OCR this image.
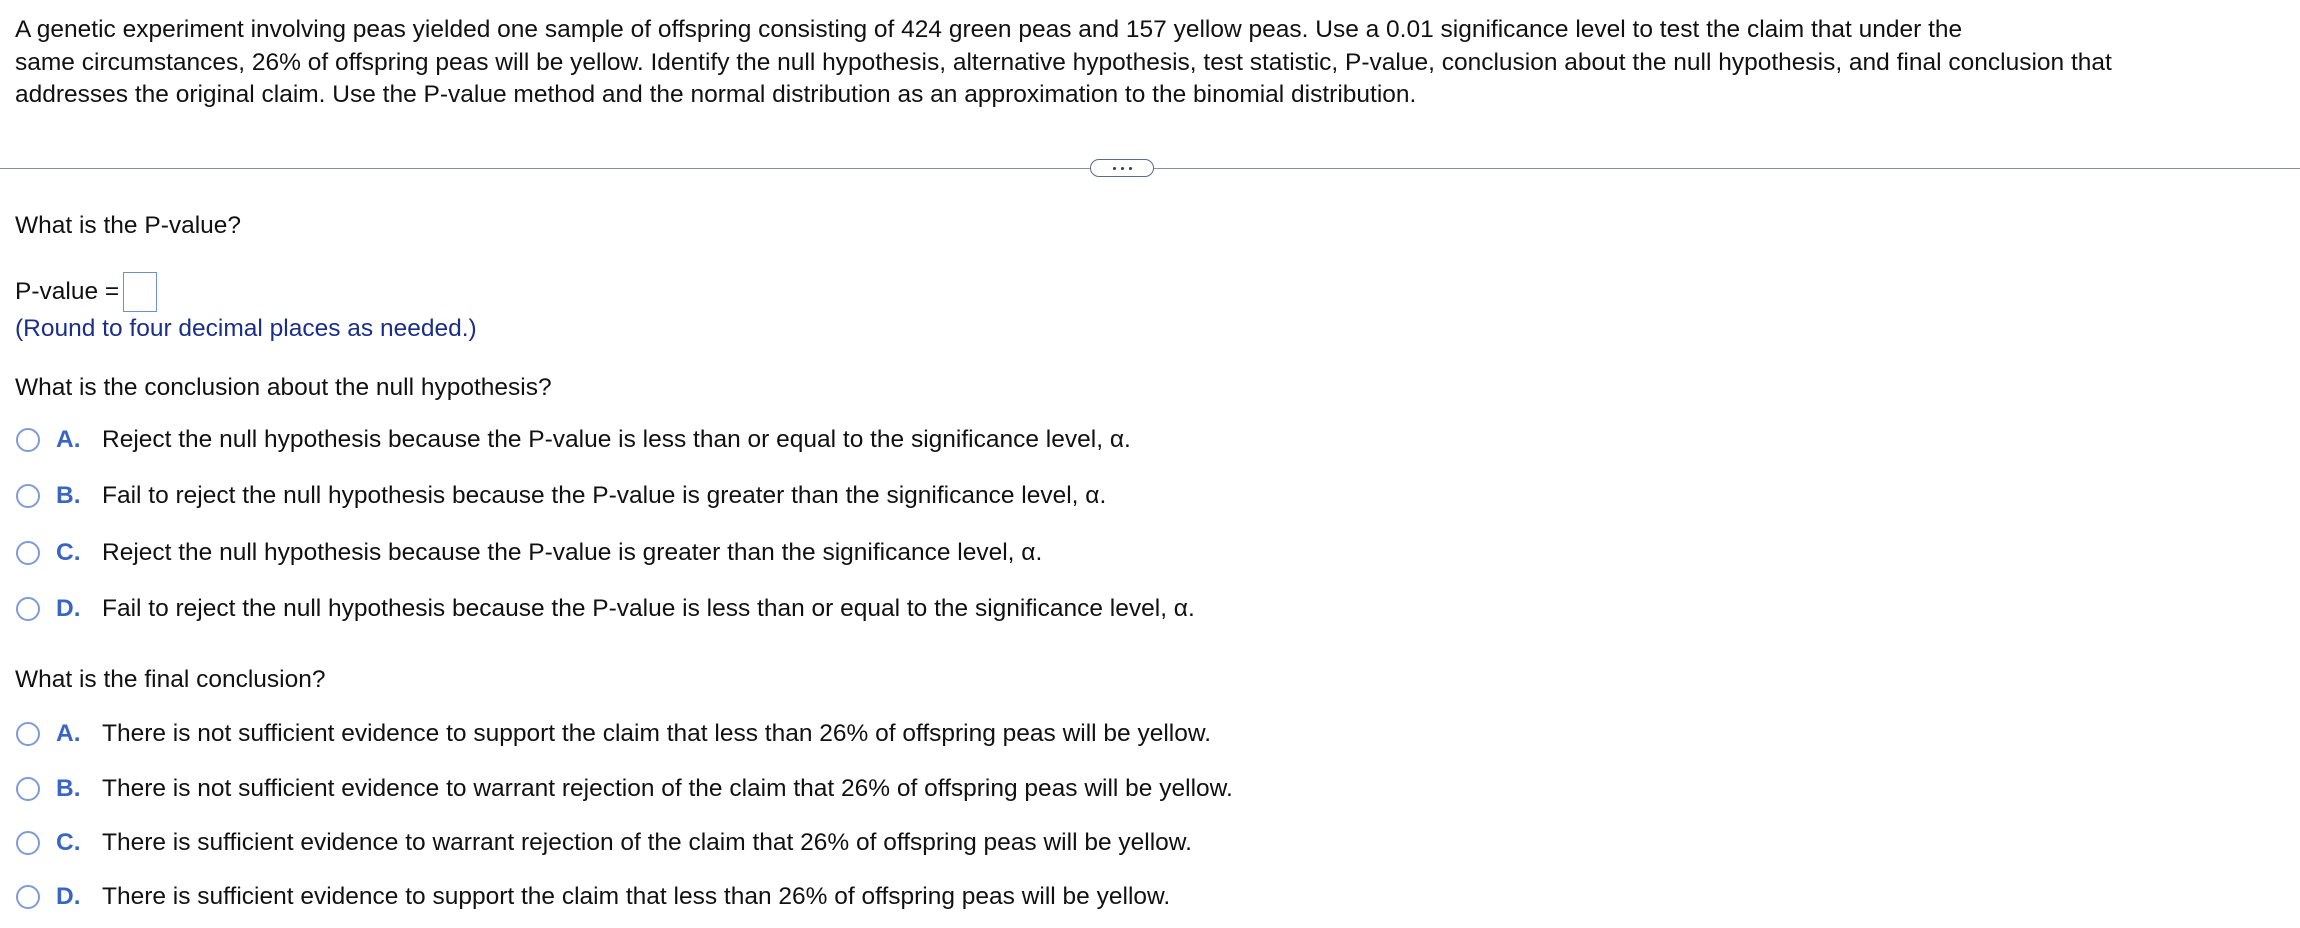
A genetic experiment involving peas yielded one sample of offspring consisting of 424 green peas and 157 yellow peas. Use a 0.01 significance level to test the claim that under the
same circumstances, 26% of offspring peas will be yellow. Identify the null hypothesis, alternative hypothesis, test statistic, P-value, conclusion about the null hypothesis, and final conclusion that
addresses the original claim. Use the P-value method and the normal distribution as an approximation to the binomial distribution.
What is the P-value?
P-value =
(Round to four decimal places as needed.)
What is the conclusion about the null hypothesis?
A. Reject the null hypothesis because the P-value is less than or equal to the significance level, α.
B. Fail to reject the null hypothesis because the P-value is greater than the significance level, α.
C. Reject the null hypothesis because the P-value is greater than the significance level, α.
D. Fail to reject the null hypothesis because the P-value is less than or equal to the significance level, α.
What is the final conclusion?
A. There is not sufficient evidence to support the claim that less than 26% of offspring peas will be yellow.
B. There is not sufficient evidence to warrant rejection of the claim that 26% of offspring peas will be yellow.
C. There is sufficient evidence to warrant rejection of the claim that 26% of offspring peas will be yellow.
D. There is sufficient evidence to support the claim that less than 26% of offspring peas will be yellow.
